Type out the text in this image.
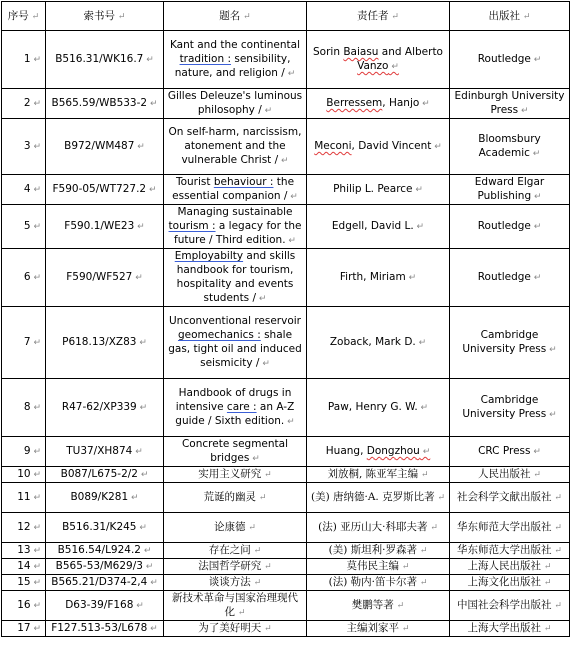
序号 ↵	索书号 ↵	题名 ↵	责任者 ↵	出版社 ↵
1 ↵	B516.31/WK16.7 ↵	Kant and the continental tradition : sensibility, nature, and religion / ↵	Sorin Baiasu and Alberto Vanzo ↵	Routledge ↵
2 ↵	B565.59/WB533-2 ↵	Gilles Deleuze's luminous philosophy / ↵	Berressem, Hanjo ↵	Edinburgh University Press ↵
3 ↵	B972/WM487 ↵	On self-harm, narcissism, atonement and the vulnerable Christ / ↵	Meconi, David Vincent ↵	Bloomsbury Academic ↵
4 ↵	F590-05/WT727.2 ↵	Tourist behaviour : the essential companion / ↵	Philip L. Pearce ↵	Edward Elgar Publishing ↵
5 ↵	F590.1/WE23 ↵	Managing sustainable tourism : a legacy for the future / Third edition. ↵	Edgell, David L. ↵	Routledge ↵
6 ↵	F590/WF527 ↵	Employabilty and skills handbook for tourism, hospitality and events students / ↵	Firth, Miriam ↵	Routledge ↵
7 ↵	P618.13/XZ83 ↵	Unconventional reservoir geomechanics : shale gas, tight oil and induced seismicity / ↵	Zoback, Mark D. ↵	Cambridge University Press ↵
8 ↵	R47-62/XP339 ↵	Handbook of drugs in intensive care : an A-Z guide / Sixth edition. ↵	Paw, Henry G. W. ↵	Cambridge University Press ↵
9 ↵	TU37/XH874 ↵	Concrete segmental bridges ↵	Huang, Dongzhou ↵	CRC Press ↵
10 ↵	B087/L675-2/2 ↵	实用主义研究 ↵	刘放桐, 陈亚军主编 ↵	人民出版社 ↵
11 ↵	B089/K281 ↵	荒诞的幽灵 ↵	(美) 唐纳德·A. 克罗斯比著 ↵	社会科学文献出版社 ↵
12 ↵	B516.31/K245 ↵	论康德 ↵	(法) 亚历山大·科耶夫著 ↵	华东师范大学出版社 ↵
13 ↵	B516.54/L924.2 ↵	存在之问 ↵	(美) 斯坦利·罗森著 ↵	华东师范大学出版社 ↵
14 ↵	B565-53/M629/3 ↵	法国哲学研究 ↵	莫伟民主编 ↵	上海人民出版社 ↵
15 ↵	B565.21/D374-2,4 ↵	谈谈方法 ↵	(法) 勒内·笛卡尔著 ↵	上海文化出版社 ↵
16 ↵	D63-39/F168 ↵	新技术革命与国家治理现代化 ↵	樊鹏等著 ↵	中国社会科学出版社 ↵
17 ↵	F127.513-53/L678 ↵	为了美好明天 ↵	主编刘家平 ↵	上海大学出版社 ↵
